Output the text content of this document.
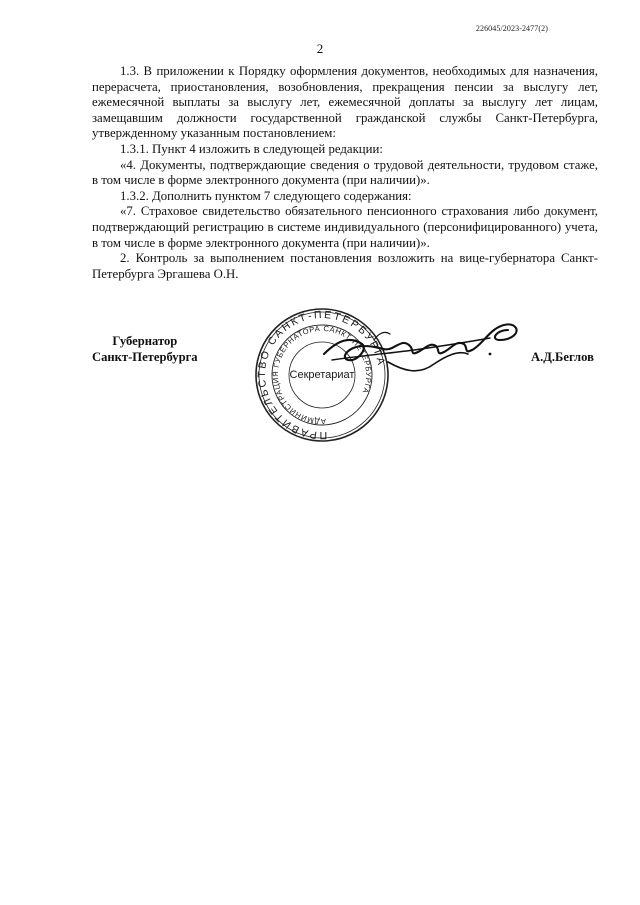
226045/2023-2477(2)
2

1.3. В приложении к Порядку оформления документов, необходимых для назначения, перерасчета, приостановления, возобновления, прекращения пенсии за выслугу лет, ежемесячной выплаты за выслугу лет, ежемесячной доплаты за выслугу лет лицам, замещавшим должности государственной гражданской службы Санкт-Петербурга, утвержденному указанным постановлением:

1.3.1. Пункт 4 изложить в следующей редакции:

«4. Документы, подтверждающие сведения о трудовой деятельности, трудовом стаже, в том числе в форме электронного документа (при наличии)».

1.3.2. Дополнить пунктом 7 следующего содержания:

«7. Страховое свидетельство обязательного пенсионного страхования либо документ, подтверждающий регистрацию в системе индивидуального (персонифицированного) учета, в том числе в форме электронного документа (при наличии)».

2. Контроль за выполнением постановления возложить на вице-губернатора Санкт-Петербурга Эргашева О.Н.

Губернатор
Санкт-Петербурга
ПРАВИТЕЛЬСТВО САНКТ-ПЕТЕРБУРГА
АДМИНИСТРАЦИЯ ГУБЕРНАТОРА САНКТ-ПЕТЕРБУРГА
Секретариат
А.Д.Беглов
